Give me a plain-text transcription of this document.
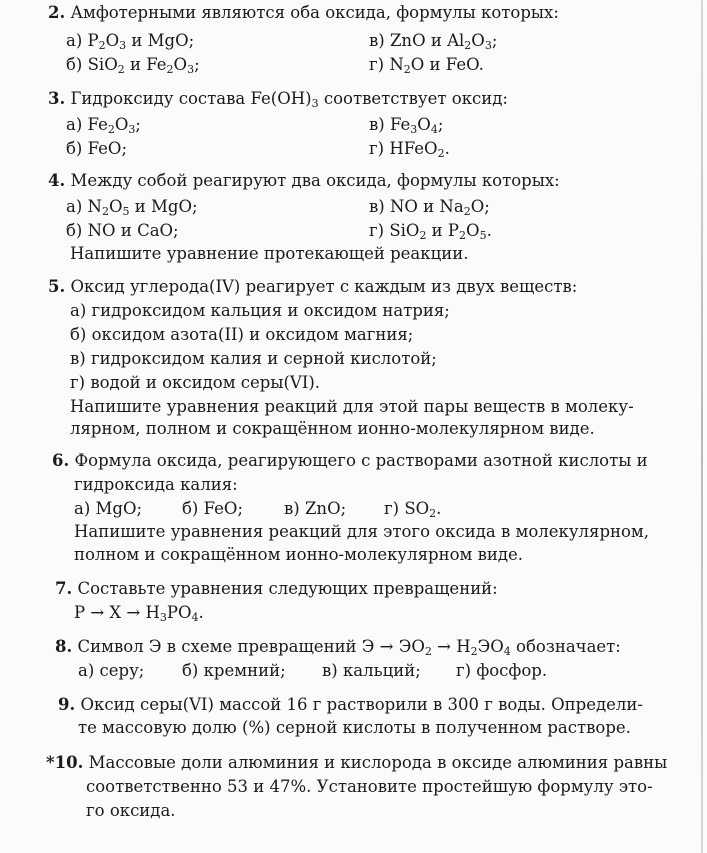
2. Амфотерными являются оба оксида, формулы которых:
а) $P_2O_3$ и MgO;	в) ZnO и $Al_2O_3$;
б) SiO$_2$ и $Fe_2O_3$;	г) $N_2O$ и FeO.
3. Гидроксиду состава $Fe(OH)_3$ соответствует оксид:
а) $Fe_2O_3$;	в) $Fe_3O_4$;
б) FeO;	г) HFeO$_2$.
4. Между собой реагируют два оксида, формулы которых:
а) $N_2O_5$ и MgO;	в) NO и $Na_2O$;
б) NO и CaO;	г) SiO$_2$ и $P_2O_5$.
Напишите уравнение протекающей реакции.
5. Оксид углерода(IV) реагирует с каждым из двух веществ:
а) гидроксидом кальция и оксидом натрия;
б) оксидом азота(II) и оксидом магния;
в) гидроксидом калия и серной кислотой;
г) водой и оксидом серы(VI).
Напишите уравнения реакций для этой пары веществ в молеку-
лярном, полном и сокращённом ионно-молекулярном виде.
6. Формула оксида, реагирующего с растворами азотной кислоты и
гидроксида калия:
а) MgO; б) FeO; в) ZnO; г) $SO_2$.
Напишите уравнения реакций для этого оксида в молекулярном,
полном и сокращённом ионно-молекулярном виде.
7. Составьте уравнения следующих превращений:
$P \to X \to H_3PO_4$.
8. Символ Э в схеме превращений $Э \to ЭO_2 \to H_2ЭO_4$ обозначает:
а) серу; б) кремний; в) кальций; г) фосфор.
9. Оксид серы(VI) массой 16 г растворили в 300 г воды. Определи-
те массовую долю (%) серной кислоты в полученном растворе.
*10. Массовые доли алюминия и кислорода в оксиде алюминия равны
соответственно 53 и 47%. Установите простейшую формулу это-
го оксида.
